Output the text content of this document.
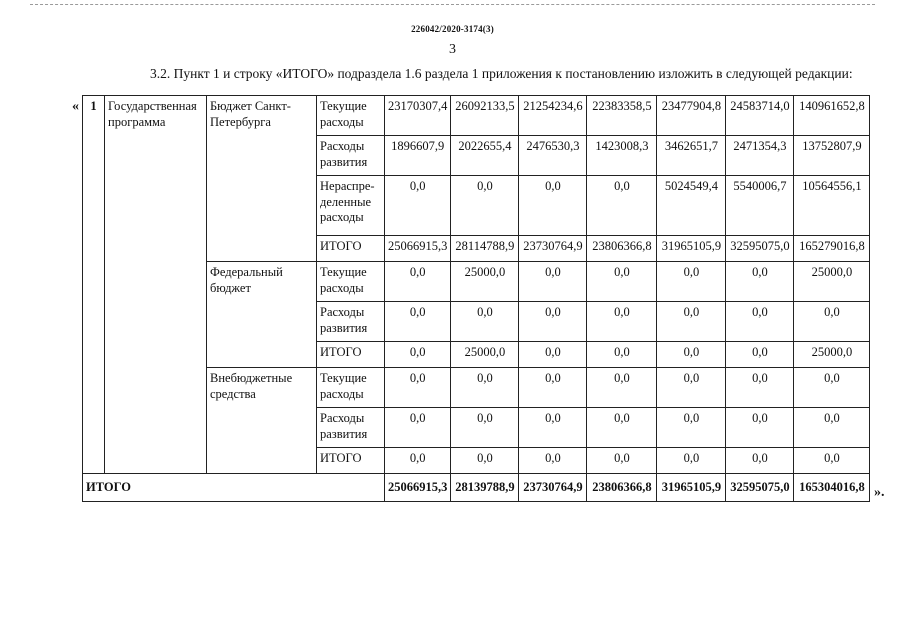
226042/2020-3174(3)
3
3.2. Пункт 1 и строку «ИТОГО» подраздела 1.6 раздела 1 приложения к постановлению изложить в следующей редакции:
«
».
1	Государственная программа	Бюджет Санкт-Петербурга	Текущие расходы	23170307,4	26092133,5	21254234,6	22383358,5	23477904,8	24583714,0	140961652,8
			Расходы развития	1896607,9	2022655,4	2476530,3	1423008,3	3462651,7	2471354,3	13752807,9
			Нераспре-деленные расходы	0,0	0,0	0,0	0,0	5024549,4	5540006,7	10564556,1
			ИТОГО	25066915,3	28114788,9	23730764,9	23806366,8	31965105,9	32595075,0	165279016,8
		Федеральный бюджет	Текущие расходы	0,0	25000,0	0,0	0,0	0,0	0,0	25000,0
			Расходы развития	0,0	0,0	0,0	0,0	0,0	0,0	0,0
			ИТОГО	0,0	25000,0	0,0	0,0	0,0	0,0	25000,0
		Внебюджетные средства	Текущие расходы	0,0	0,0	0,0	0,0	0,0	0,0	0,0
			Расходы развития	0,0	0,0	0,0	0,0	0,0	0,0	0,0
			ИТОГО	0,0	0,0	0,0	0,0	0,0	0,0	0,0
ИТОГО				25066915,3	28139788,9	23730764,9	23806366,8	31965105,9	32595075,0	165304016,8
